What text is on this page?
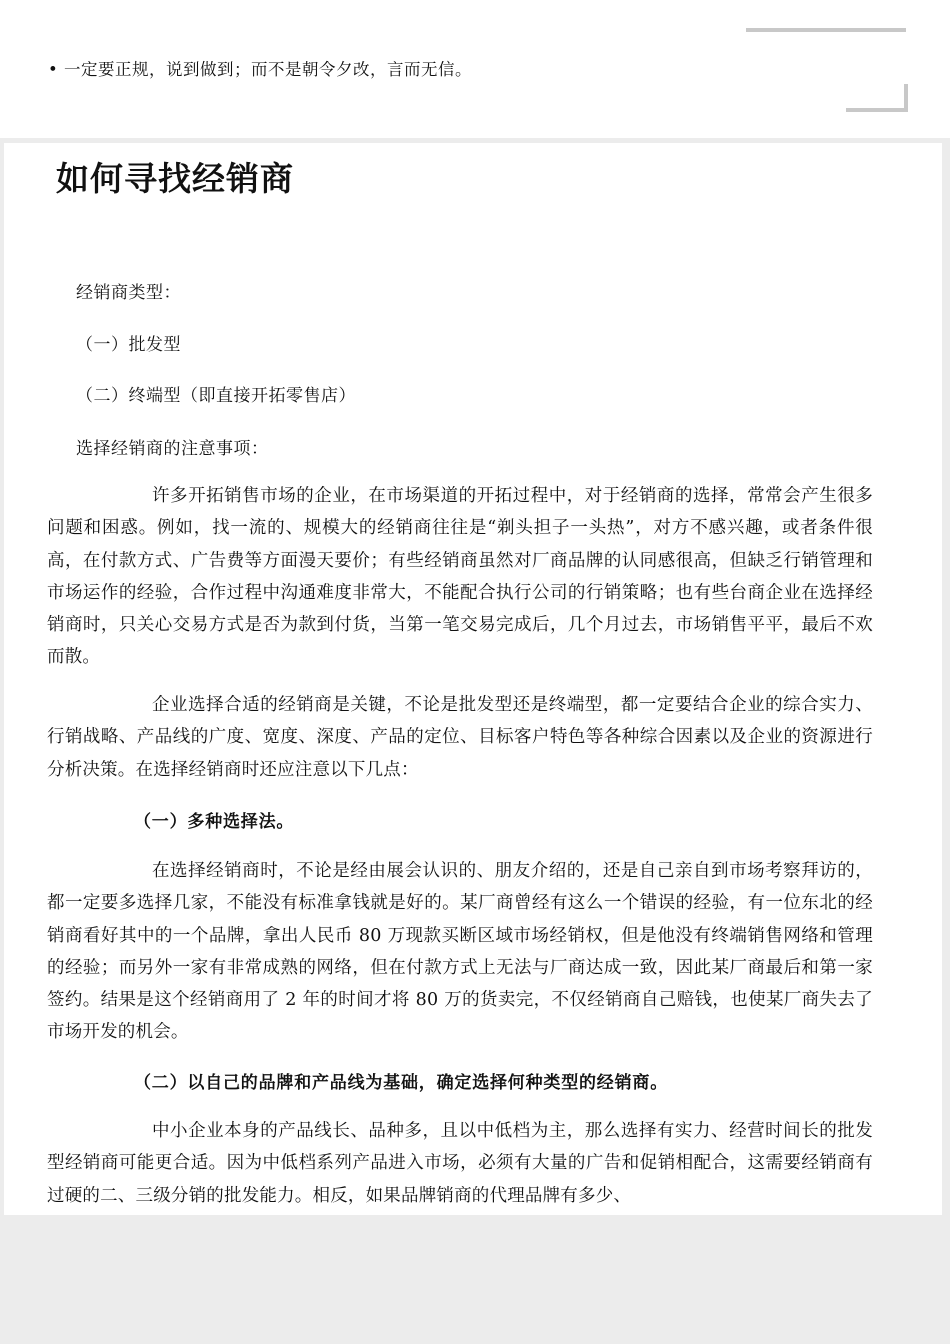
• 一定要正规，说到做到；而不是朝令夕改，言而无信。
如何寻找经销商
经销商类型：
（一）批发型
（二）终端型（即直接开拓零售店）
选择经销商的注意事项：

许多开拓销售市场的企业，在市场渠道的开拓过程中，对于经销商的选择，常常会产生很多问题和困惑。例如，找一流的、规模大的经销商往往是“剃头担子一头热”，对方不感兴趣，或者条件很高，在付款方式、广告费等方面漫天要价；有些经销商虽然对厂商品牌的认同感很高，但缺乏行销管理和市场运作的经验，合作过程中沟通难度非常大，不能配合执行公司的行销策略；也有些台商企业在选择经销商时，只关心交易方式是否为款到付货，当第一笔交易完成后，几个月过去，市场销售平平，最后不欢而散。

企业选择合适的经销商是关键，不论是批发型还是终端型，都一定要结合企业的综合实力、行销战略、产品线的广度、宽度、深度、产品的定位、目标客户特色等各种综合因素以及企业的资源进行分析决策。在选择经销商时还应注意以下几点：

（一）多种选择法。

在选择经销商时，不论是经由展会认识的、朋友介绍的，还是自己亲自到市场考察拜访的，都一定要多选择几家，不能没有标准拿钱就是好的。某厂商曾经有这么一个错误的经验，有一位东北的经销商看好其中的一个品牌，拿出人民币 80 万现款买断区域市场经销权，但是他没有终端销售网络和管理的经验；而另外一家有非常成熟的网络，但在付款方式上无法与厂商达成一致，因此某厂商最后和第一家签约。结果是这个经销商用了 2 年的时间才将 80 万的货卖完，不仅经销商自己赔钱，也使某厂商失去了市场开发的机会。

（二）以自己的品牌和产品线为基础，确定选择何种类型的经销商。

中小企业本身的产品线长、品种多，且以中低档为主，那么选择有实力、经营时间长的批发型经销商可能更合适。因为中低档系列产品进入市场，必须有大量的广告和促销相配合，这需要经销商有过硬的二、三级分销的批发能力。相反，如果品牌销商的代理品牌有多少、
